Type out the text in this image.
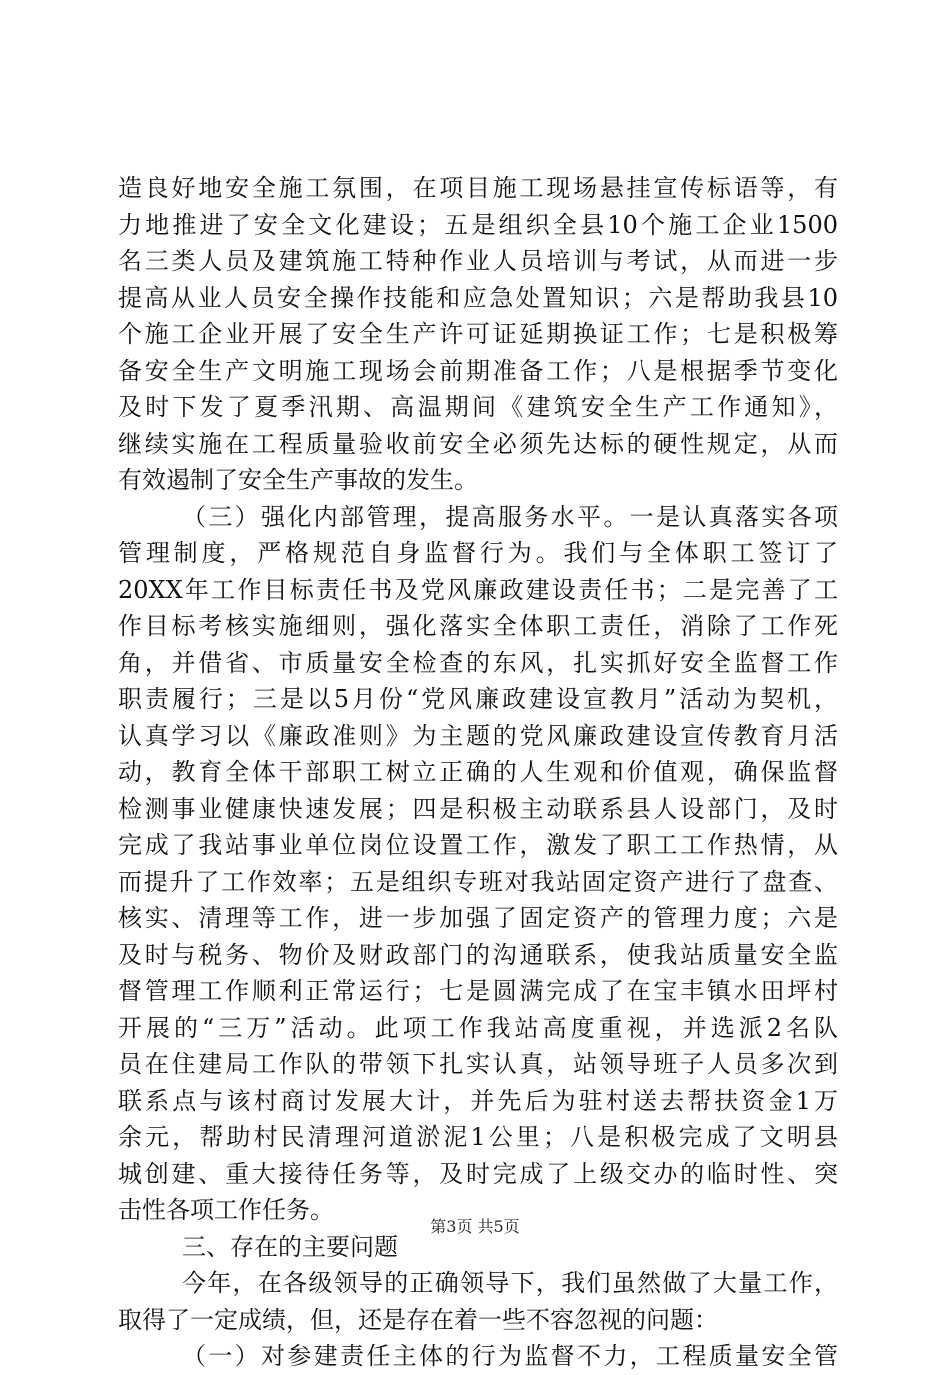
造良好地安全施工氛围，在项目施工现场悬挂宣传标语等，有
力地推进了安全文化建设；五是组织全县10个施工企业1500
名三类人员及建筑施工特种作业人员培训与考试，从而进一步
提高从业人员安全操作技能和应急处置知识；六是帮助我县10
个施工企业开展了安全生产许可证延期换证工作；七是积极筹
备安全生产文明施工现场会前期准备工作；八是根据季节变化
及时下发了夏季汛期、高温期间《建筑安全生产工作通知》，
继续实施在工程质量验收前安全必须先达标的硬性规定，从而
有效遏制了安全生产事故的发生。
（三）强化内部管理，提高服务水平。一是认真落实各项
管理制度，严格规范自身监督行为。我们与全体职工签订了
20XX年工作目标责任书及党风廉政建设责任书；二是完善了工
作目标考核实施细则，强化落实全体职工责任，消除了工作死
角，并借省、市质量安全检查的东风，扎实抓好安全监督工作
职责履行；三是以5月份“党风廉政建设宣教月”活动为契机，
认真学习以《廉政准则》为主题的党风廉政建设宣传教育月活
动，教育全体干部职工树立正确的人生观和价值观，确保监督
检测事业健康快速发展；四是积极主动联系县人设部门，及时
完成了我站事业单位岗位设置工作，激发了职工工作热情，从
而提升了工作效率；五是组织专班对我站固定资产进行了盘查、
核实、清理等工作，进一步加强了固定资产的管理力度；六是
及时与税务、物价及财政部门的沟通联系，使我站质量安全监
督管理工作顺利正常运行；七是圆满完成了在宝丰镇水田坪村
开展的“三万”活动。此项工作我站高度重视，并选派2名队
员在住建局工作队的带领下扎实认真，站领导班子人员多次到
联系点与该村商讨发展大计，并先后为驻村送去帮扶资金1万
余元，帮助村民清理河道淤泥1公里；八是积极完成了文明县
城创建、重大接待任务等，及时完成了上级交办的临时性、突
击性各项工作任务。
三、存在的主要问题
今年，在各级领导的正确领导下，我们虽然做了大量工作，
取得了一定成绩，但，还是存在着一些不容忽视的问题：
（一）对参建责任主体的行为监督不力，工程质量安全管
第3页 共5页
